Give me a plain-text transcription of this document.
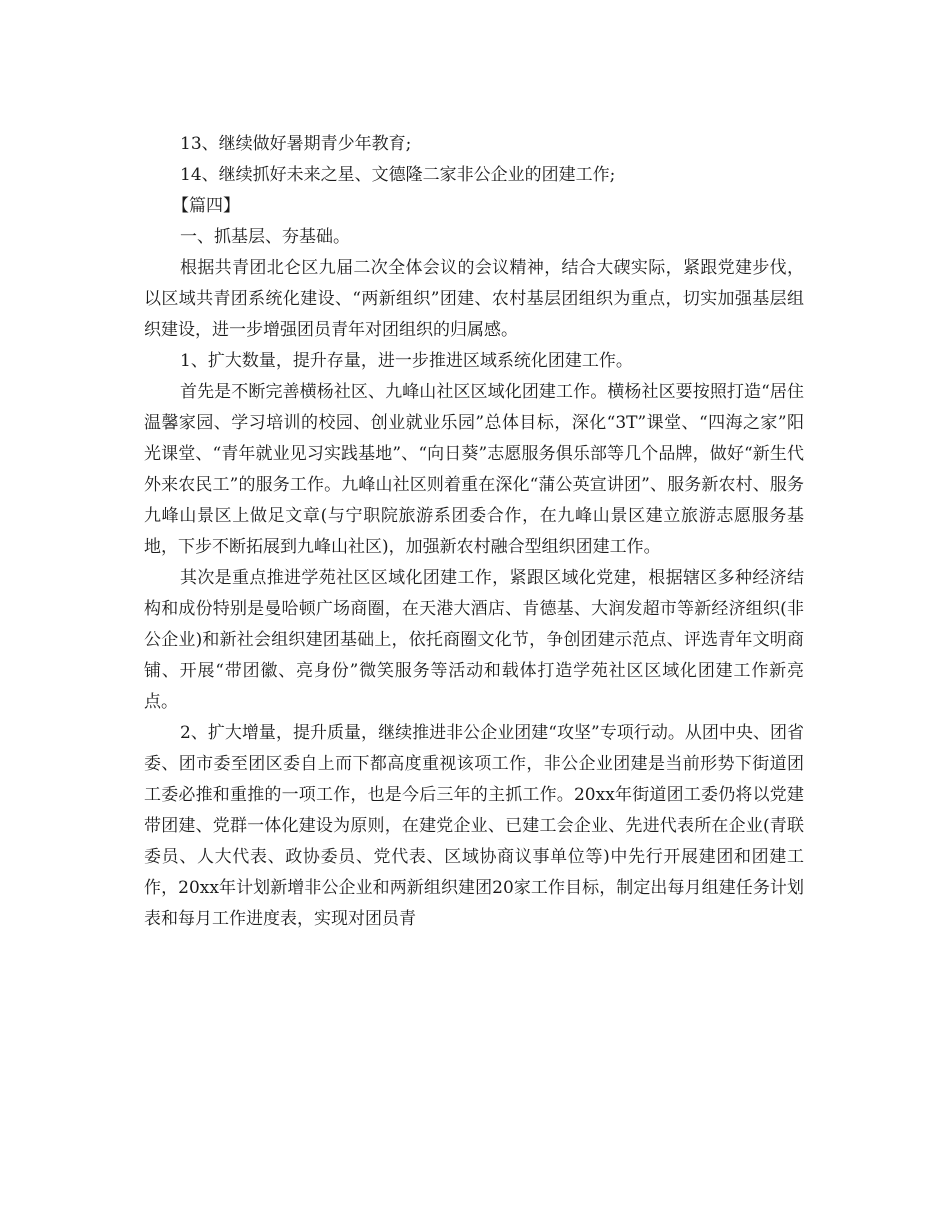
13、继续做好暑期青少年教育;

14、继续抓好未来之星、文德隆二家非公企业的团建工作;

【篇四】

一、抓基层、夯基础。

根据共青团北仑区九届二次全体会议的会议精神，结合大碶实际，紧跟党建步伐，以区域共青团系统化建设、“两新组织”团建、农村基层团组织为重点，切实加强基层组织建设，进一步增强团员青年对团组织的归属感。

1、扩大数量，提升存量，进一步推进区域系统化团建工作。

首先是不断完善横杨社区、九峰山社区区域化团建工作。横杨社区要按照打造“居住温馨家园、学习培训的校园、创业就业乐园”总体目标，深化“3T”课堂、“四海之家”阳光课堂、“青年就业见习实践基地”、“向日葵”志愿服务俱乐部等几个品牌，做好“新生代外来农民工”的服务工作。九峰山社区则着重在深化“蒲公英宣讲团”、服务新农村、服务九峰山景区上做足文章(与宁职院旅游系团委合作，在九峰山景区建立旅游志愿服务基地，下步不断拓展到九峰山社区)，加强新农村融合型组织团建工作。

其次是重点推进学苑社区区域化团建工作，紧跟区域化党建，根据辖区多种经济结构和成份特别是曼哈顿广场商圈，在天港大酒店、肯德基、大润发超市等新经济组织(非公企业)和新社会组织建团基础上，依托商圈文化节，争创团建示范点、评选青年文明商铺、开展“带团徽、亮身份”微笑服务等活动和载体打造学苑社区区域化团建工作新亮点。

2、扩大增量，提升质量，继续推进非公企业团建“攻坚”专项行动。从团中央、团省委、团市委至团区委自上而下都高度重视该项工作，非公企业团建是当前形势下街道团工委必推和重推的一项工作，也是今后三年的主抓工作。20xx年街道团工委仍将以党建带团建、党群一体化建设为原则，在建党企业、已建工会企业、先进代表所在企业(青联委员、人大代表、政协委员、党代表、区域协商议事单位等)中先行开展建团和团建工作，20xx年计划新增非公企业和两新组织建团20家工作目标，制定出每月组建任务计划表和每月工作进度表，实现对团员青
